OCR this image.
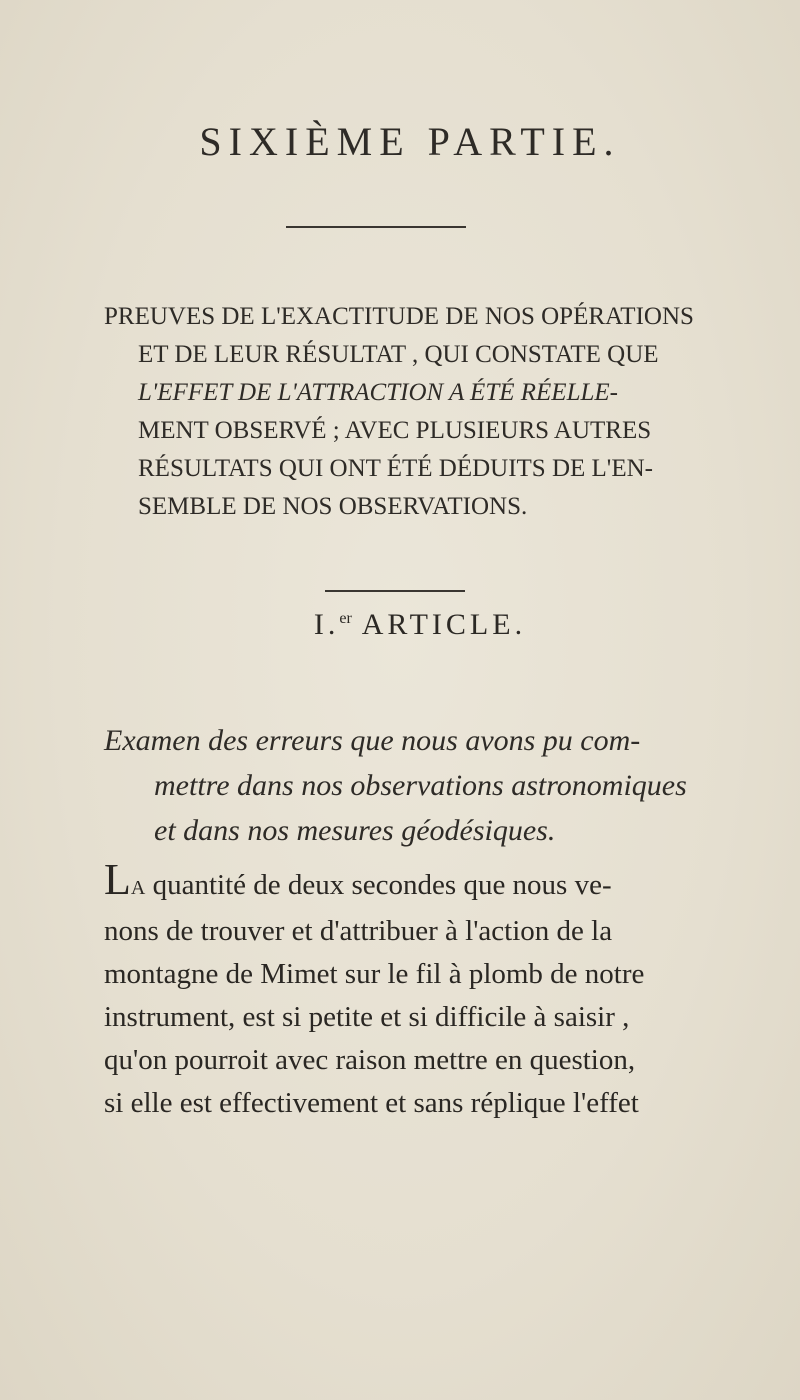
SIXIÈME PARTIE.
PREUVES DE L'EXACTITUDE DE NOS OPÉRATIONS
ET DE LEUR RÉSULTAT , QUI CONSTATE QUE
L'EFFET DE L'ATTRACTION A ÉTÉ RÉELLE-
MENT OBSERVÉ ; AVEC PLUSIEURS AUTRES
RÉSULTATS QUI ONT ÉTÉ DÉDUITS DE L'EN-
SEMBLE DE NOS OBSERVATIONS.
I.$^{er}$ ARTICLE.
Examen des erreurs que nous avons pu com-
mettre dans nos observations astronomiques
et dans nos mesures géodésiques.
LA quantité de deux secondes que nous ve-
nons de trouver et d'attribuer à l'action de la
montagne de Mimet sur le fil à plomb de notre
instrument, est si petite et si difficile à saisir ,
qu'on pourroit avec raison mettre en question,
si elle est effectivement et sans réplique l'effet
